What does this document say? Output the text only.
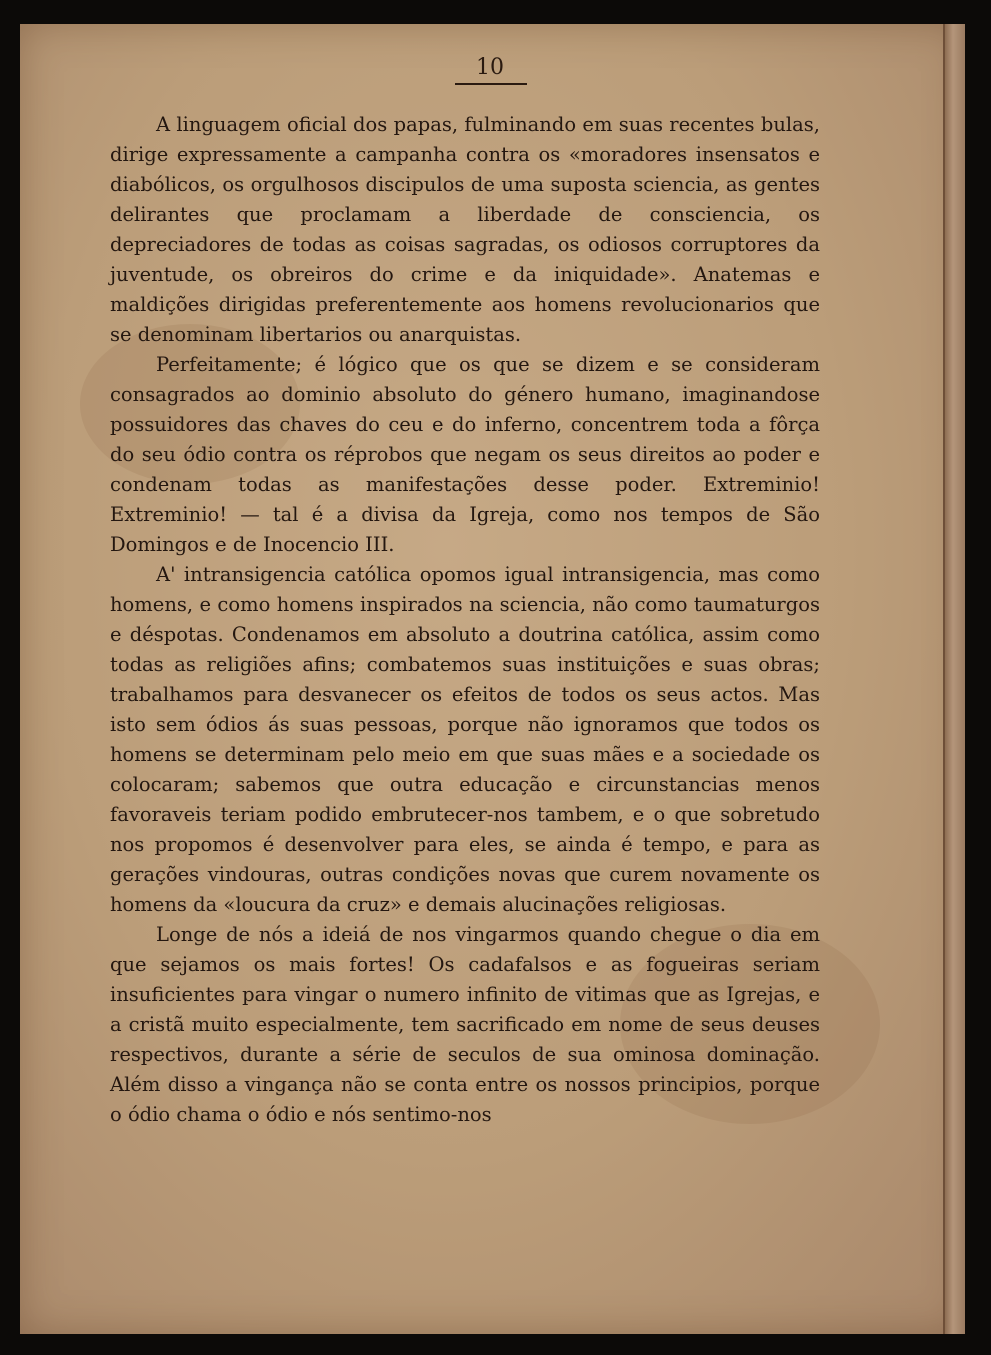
10

A linguagem oficial dos papas, fulminando em suas recentes bulas, dirige expressamente a campanha contra os «moradores insensatos e diabólicos, os orgulhosos discipulos de uma suposta sciencia, as gentes delirantes que proclamam a liberdade de consciencia, os depreciadores de todas as coisas sagradas, os odiosos corruptores da juventude, os obreiros do crime e da iniquidade». Anatemas e maldições dirigidas preferentemente aos homens revolucionarios que se denominam libertarios ou anarquistas.

Perfeitamente; é lógico que os que se dizem e se consideram consagrados ao dominio absoluto do género humano, imaginandose possuidores das chaves do ceu e do inferno, concentrem toda a fôrça do seu ódio contra os réprobos que negam os seus direitos ao poder e condenam todas as manifestações desse poder. Extreminio! Extreminio! — tal é a divisa da Igreja, como nos tempos de São Domingos e de Inocencio III.

A' intransigencia católica opomos igual intransigencia, mas como homens, e como homens inspirados na sciencia, não como taumaturgos e déspotas. Condenamos em absoluto a doutrina católica, assim como todas as religiões afins; combatemos suas instituições e suas obras; trabalhamos para desvanecer os efeitos de todos os seus actos. Mas isto sem ódios ás suas pessoas, porque não ignoramos que todos os homens se determinam pelo meio em que suas mães e a sociedade os colocaram; sabemos que outra educação e circunstancias menos favoraveis teriam podido embrutecer-nos tambem, e o que sobretudo nos propomos é desenvolver para eles, se ainda é tempo, e para as gerações vindouras, outras condições novas que curem novamente os homens da «loucura da cruz» e demais alucinações religiosas.

Longe de nós a ideiá de nos vingarmos quando chegue o dia em que sejamos os mais fortes! Os cadafalsos e as fogueiras seriam insuficientes para vingar o numero infinito de vitimas que as Igrejas, e a cristã muito especialmente, tem sacrificado em nome de seus deuses respectivos, durante a série de seculos de sua ominosa dominação. Além disso a vingança não se conta entre os nossos principios, porque o ódio chama o ódio e nós sentimo-nos
